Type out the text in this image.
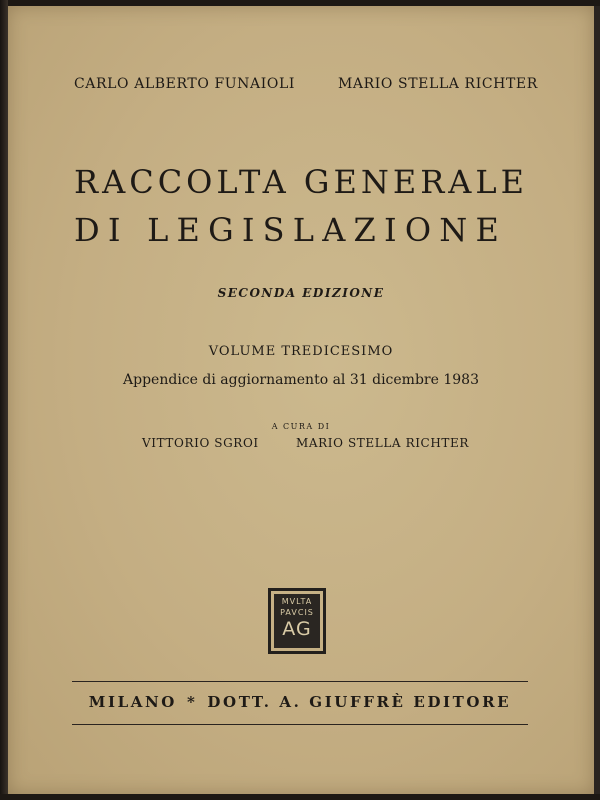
CARLO ALBERTO FUNAIOLI	MARIO STELLA RICHTER
RACCOLTA GENERALE
DI LEGISLAZIONE
SECONDA EDIZIONE
VOLUME TREDICESIMO
Appendice di aggiornamento al 31 dicembre 1983
A CURA DI
VITTORIO SGROI	MARIO STELLA RICHTER
MVLTA
PAVCIS
AG
MILANO * DOTT. A. GIUFFRÈ EDITORE
